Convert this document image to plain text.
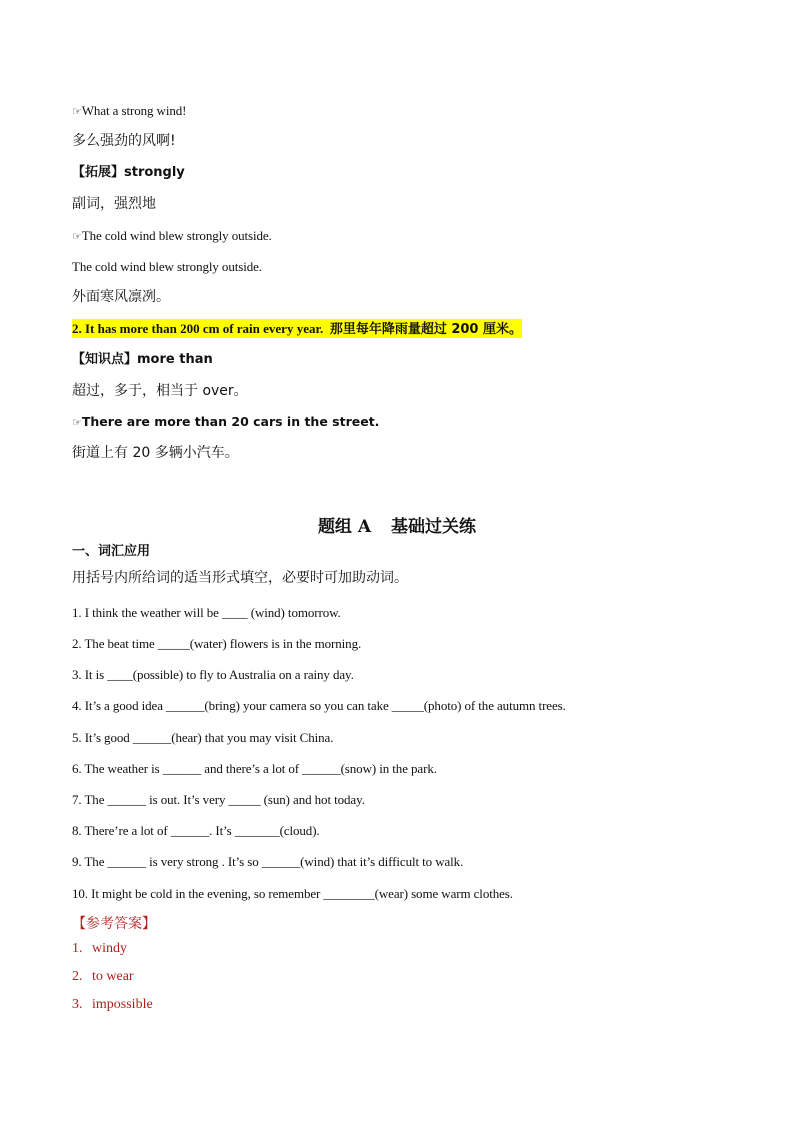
☞What a strong wind!
多么强劲的风啊!
【拓展】strongly
副词，强烈地
☞The cold wind blew strongly outside.
The cold wind blew strongly outside.
外面寒风凛冽。
2. It has more than 200 cm of rain every year. 那里每年降雨量超过 200 厘米。
【知识点】more than
超过，多于，相当于 over。
☞There are more than 20 cars in the street.
街道上有 20 多辆小汽车。
题组 A 基础过关练
一、词汇应用
用括号内所给词的适当形式填空，必要时可加助动词。
1. I think the weather will be ____ (wind) tomorrow.
2. The beat time _____(water) flowers is in the morning.
3. It is ____(possible) to fly to Australia on a rainy day.
4. It’s a good idea ______(bring) your camera so you can take _____(photo) of the autumn trees.
5. It’s good ______(hear) that you may visit China.
6. The weather is ______ and there’s a lot of ______(snow) in the park.
7. The ______ is out. It’s very _____ (sun) and hot today.
8. There’re a lot of ______. It’s _______(cloud).
9. The ______ is very strong . It’s so ______(wind) that it’s difficult to walk.
10. It might be cold in the evening, so remember ________(wear) some warm clothes.
【参考答案】
1. windy
2. to wear
3. impossible
